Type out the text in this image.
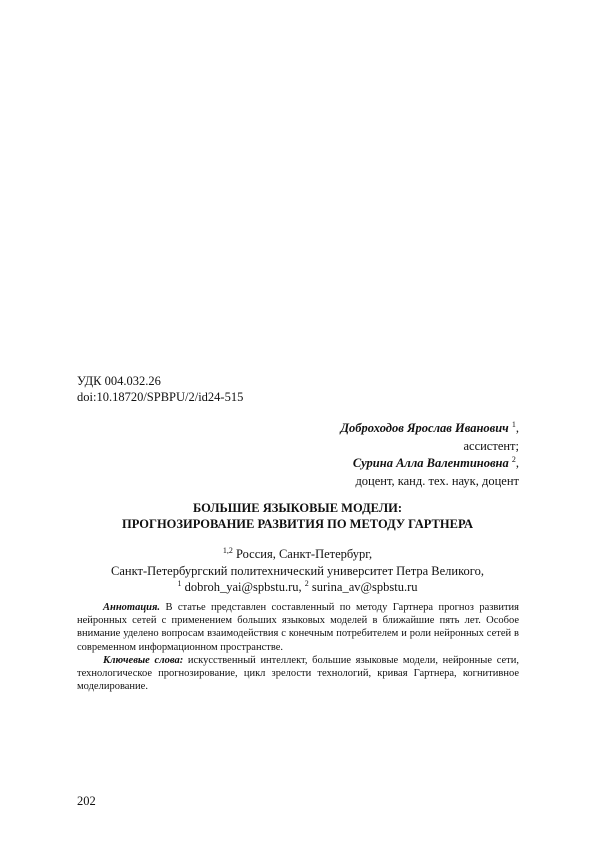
УДК 004.032.26
doi:10.18720/SPBPU/2/id24-515
Доброходов Ярослав Иванович $^1$,
ассистент;
Сурина Алла Валентиновна $^2$,
доцент, канд. тех. наук, доцент
БОЛЬШИЕ ЯЗЫКОВЫЕ МОДЕЛИ:
ПРОГНОЗИРОВАНИЕ РАЗВИТИЯ ПО МЕТОДУ ГАРТНЕРА
$^{1,2}$ Россия, Санкт-Петербург,
Санкт-Петербургский политехнический университет Петра Великого,
$^1$ dobroh_yai@spbstu.ru, $^2$ surina_av@spbstu.ru

Аннотация. В статье представлен составленный по методу Гартнера прогноз развития нейронных сетей с применением больших языковых моделей в ближайшие пять лет. Особое внимание уделено вопросам взаимодействия с конечным потребителем и роли нейронных сетей в современном информационном пространстве.

Ключевые слова: искусственный интеллект, большие языковые модели, нейронные сети, технологическое прогнозирование, цикл зрелости технологий, кривая Гартнера, когнитивное моделирование.

202
